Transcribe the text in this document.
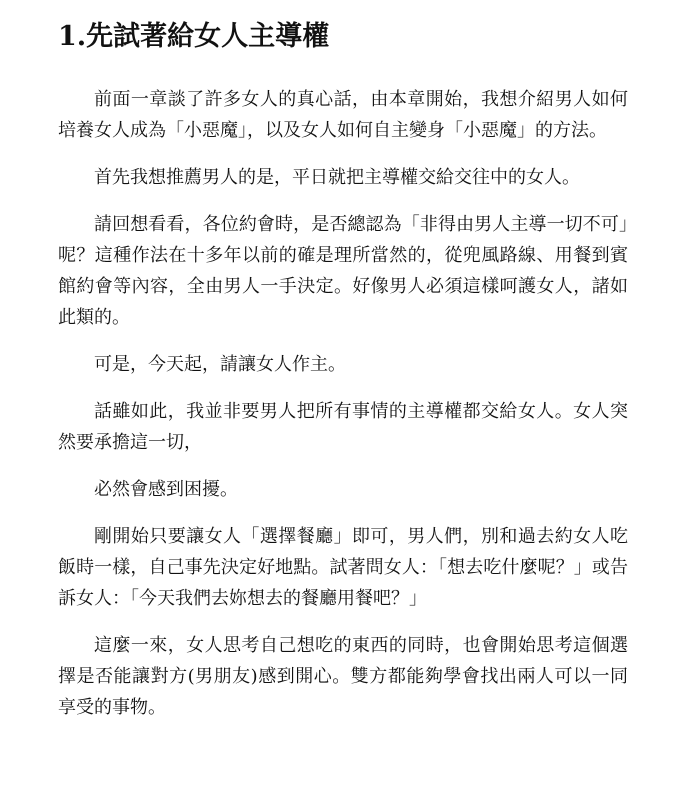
1.先試著給女人主導權

前面一章談了許多女人的真心話，由本章開始，我想介紹男人如何培養女人成為「小惡魔」，以及女人如何自主變身「小惡魔」的方法。

首先我想推薦男人的是，平日就把主導權交給交往中的女人。

請回想看看，各位約會時，是否總認為「非得由男人主導一切不可」呢？這種作法在十多年以前的確是理所當然的，從兜風路線、用餐到賓館約會等內容，全由男人一手決定。好像男人必須這樣呵護女人，諸如此類的。

可是，今天起，請讓女人作主。

話雖如此，我並非要男人把所有事情的主導權都交給女人。女人突然要承擔這一切，

必然會感到困擾。

剛開始只要讓女人「選擇餐廳」即可，男人們，別和過去約女人吃飯時一樣，自己事先決定好地點。試著問女人：「想去吃什麼呢？」或告訴女人：「今天我們去妳想去的餐廳用餐吧？」

這麼一來，女人思考自己想吃的東西的同時，也會開始思考這個選擇是否能讓對方(男朋友)感到開心。雙方都能夠學會找出兩人可以一同享受的事物。
